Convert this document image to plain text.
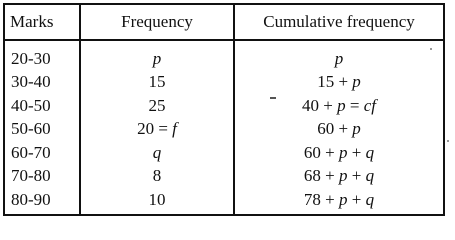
Marks	Frequency	Cumulative frequency
20-30	p	p
30-40	15	15 + p
40-50	25	40 + p = cf
50-60	20 = f	60 + p
60-70	q	60 + p + q
70-80	8	68 + p + q
80-90	10	78 + p + q
